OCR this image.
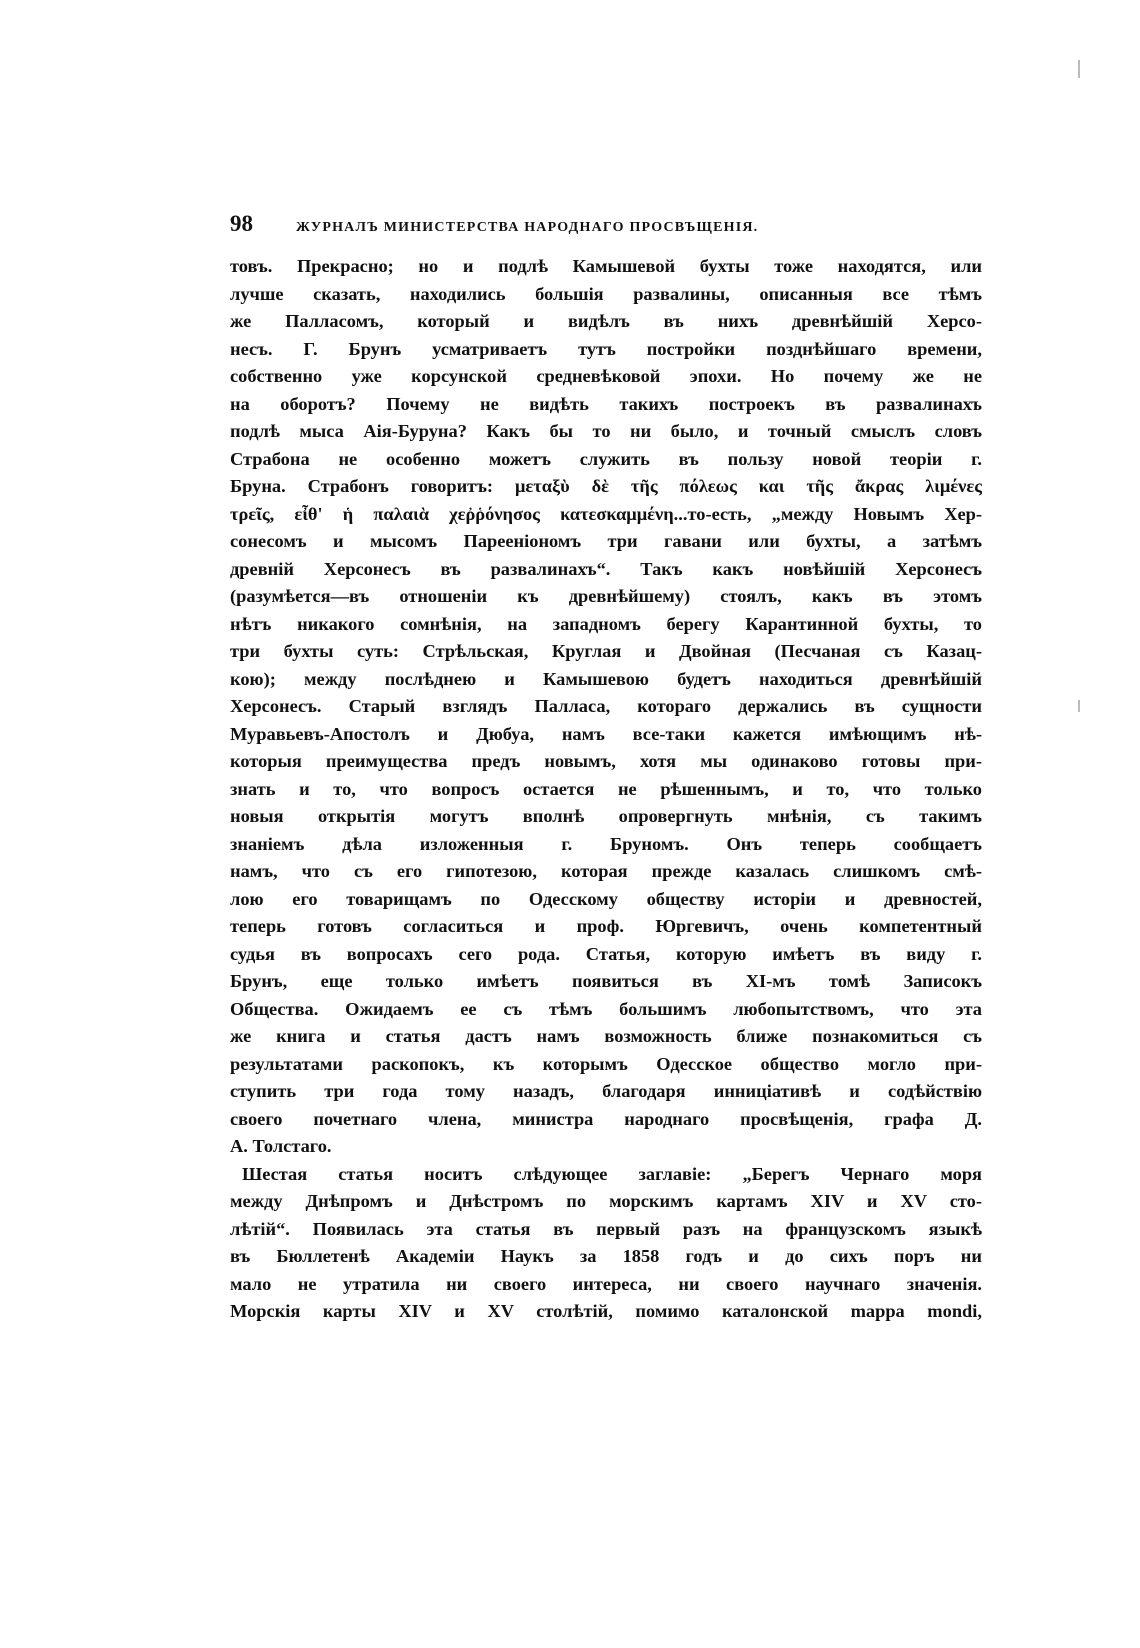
98	ЖУРНАЛЪ МИНИСТЕРСТВА НАРОДНАГО ПРОСВЪЩЕНІЯ.
товъ. Прекрасно; но и подлѣ Камышевой бухты тоже находятся, или
лучше сказать, находились большія развалины, описанныя все тѣмъ
же Палласомъ, который и видѣлъ въ нихъ древнѣйшій Херсо-
несъ. Г. Брунъ усматриваетъ тутъ постройки позднѣйшаго времени,
собственно уже корсунской средневѣковой эпохи. Но почему же не
на оборотъ? Почему не видѣть такихъ построекъ въ развалинахъ
подлѣ мыса Аія-Буруна? Какъ бы то ни было, и точный смыслъ словъ
Страбона не особенно можетъ служить въ пользу новой теоріи г.
Бруна. Страбонъ говоритъ: μεταξὺ δὲ τῆς πόλεως και τῆς ἄκρας λιμένες
τρεῖς, εἶθ' ἡ παλαιὰ χεῤῥόνησος κατεσκαμμένη...то-есть, „между Новымъ Хер-
сонесомъ и мысомъ Пареенiономъ три гавани или бухты, а затѣмъ
древній Херсонесъ въ развалинахъ“. Такъ какъ новѣйшій Херсонесъ
(разумѣется—въ отношеніи къ древнѣйшему) стоялъ, какъ въ этомъ
нѣтъ никакого сомнѣнія, на западномъ берегу Карантинной бухты, то
три бухты суть: Стрѣльская, Круглая и Двойная (Песчаная съ Казац-
кою); между послѣднею и Камышевою будетъ находиться древнѣйшій
Херсонесъ. Старый взглядъ Палласа, котораго держались въ сущности
Муравьевъ-Апостолъ и Дюбуа, намъ все-таки кажется имѣющимъ нѣ-
которыя преимущества предъ новымъ, хотя мы одинаково готовы при-
знать и то, что вопросъ остается не рѣшеннымъ, и то, что только
новыя открытія могутъ вполнѣ опровергнуть мнѣнія, съ такимъ
знаніемъ дѣла изложенныя г. Бруномъ. Онъ теперь сообщаетъ
намъ, что съ его гипотезою, которая прежде казалась слишкомъ смѣ-
лою его товарищамъ по Одесскому обществу исторіи и древностей,
теперь готовъ согласиться и проф. Юргевичъ, очень компетентный
судья въ вопросахъ сего рода. Статья, которую имѣетъ въ виду г.
Брунъ, еще только имѣетъ появиться въ XI-мъ томѣ Записокъ
Общества. Ожидаемъ ее съ тѣмъ большимъ любопытствомъ, что эта
же книга и статья дастъ намъ возможность ближе познакомиться съ
результатами раскопокъ, къ которымъ Одесское общество могло при-
ступить три года тому назадъ, благодаря инниціативѣ и содѣйствію
своего почетнаго члена, министра народнаго просвѣщенія, графа Д.
А. Толстаго.
Шестая статья носитъ слѣдующее заглавіе: „Берегъ Чернаго моря
между Днѣпромъ и Днѣстромъ по морскимъ картамъ XIV и XV сто-
лѣтій“. Появилась эта статья въ первый разъ на французскомъ языкѣ
въ Бюллетенѣ Академіи Наукъ за 1858 годъ и до сихъ поръ ни
мало не утратила ни своего интереса, ни своего научнаго значенія.
Морскія карты XIV и XV столѣтій, помимо каталонской mappa mondi,
